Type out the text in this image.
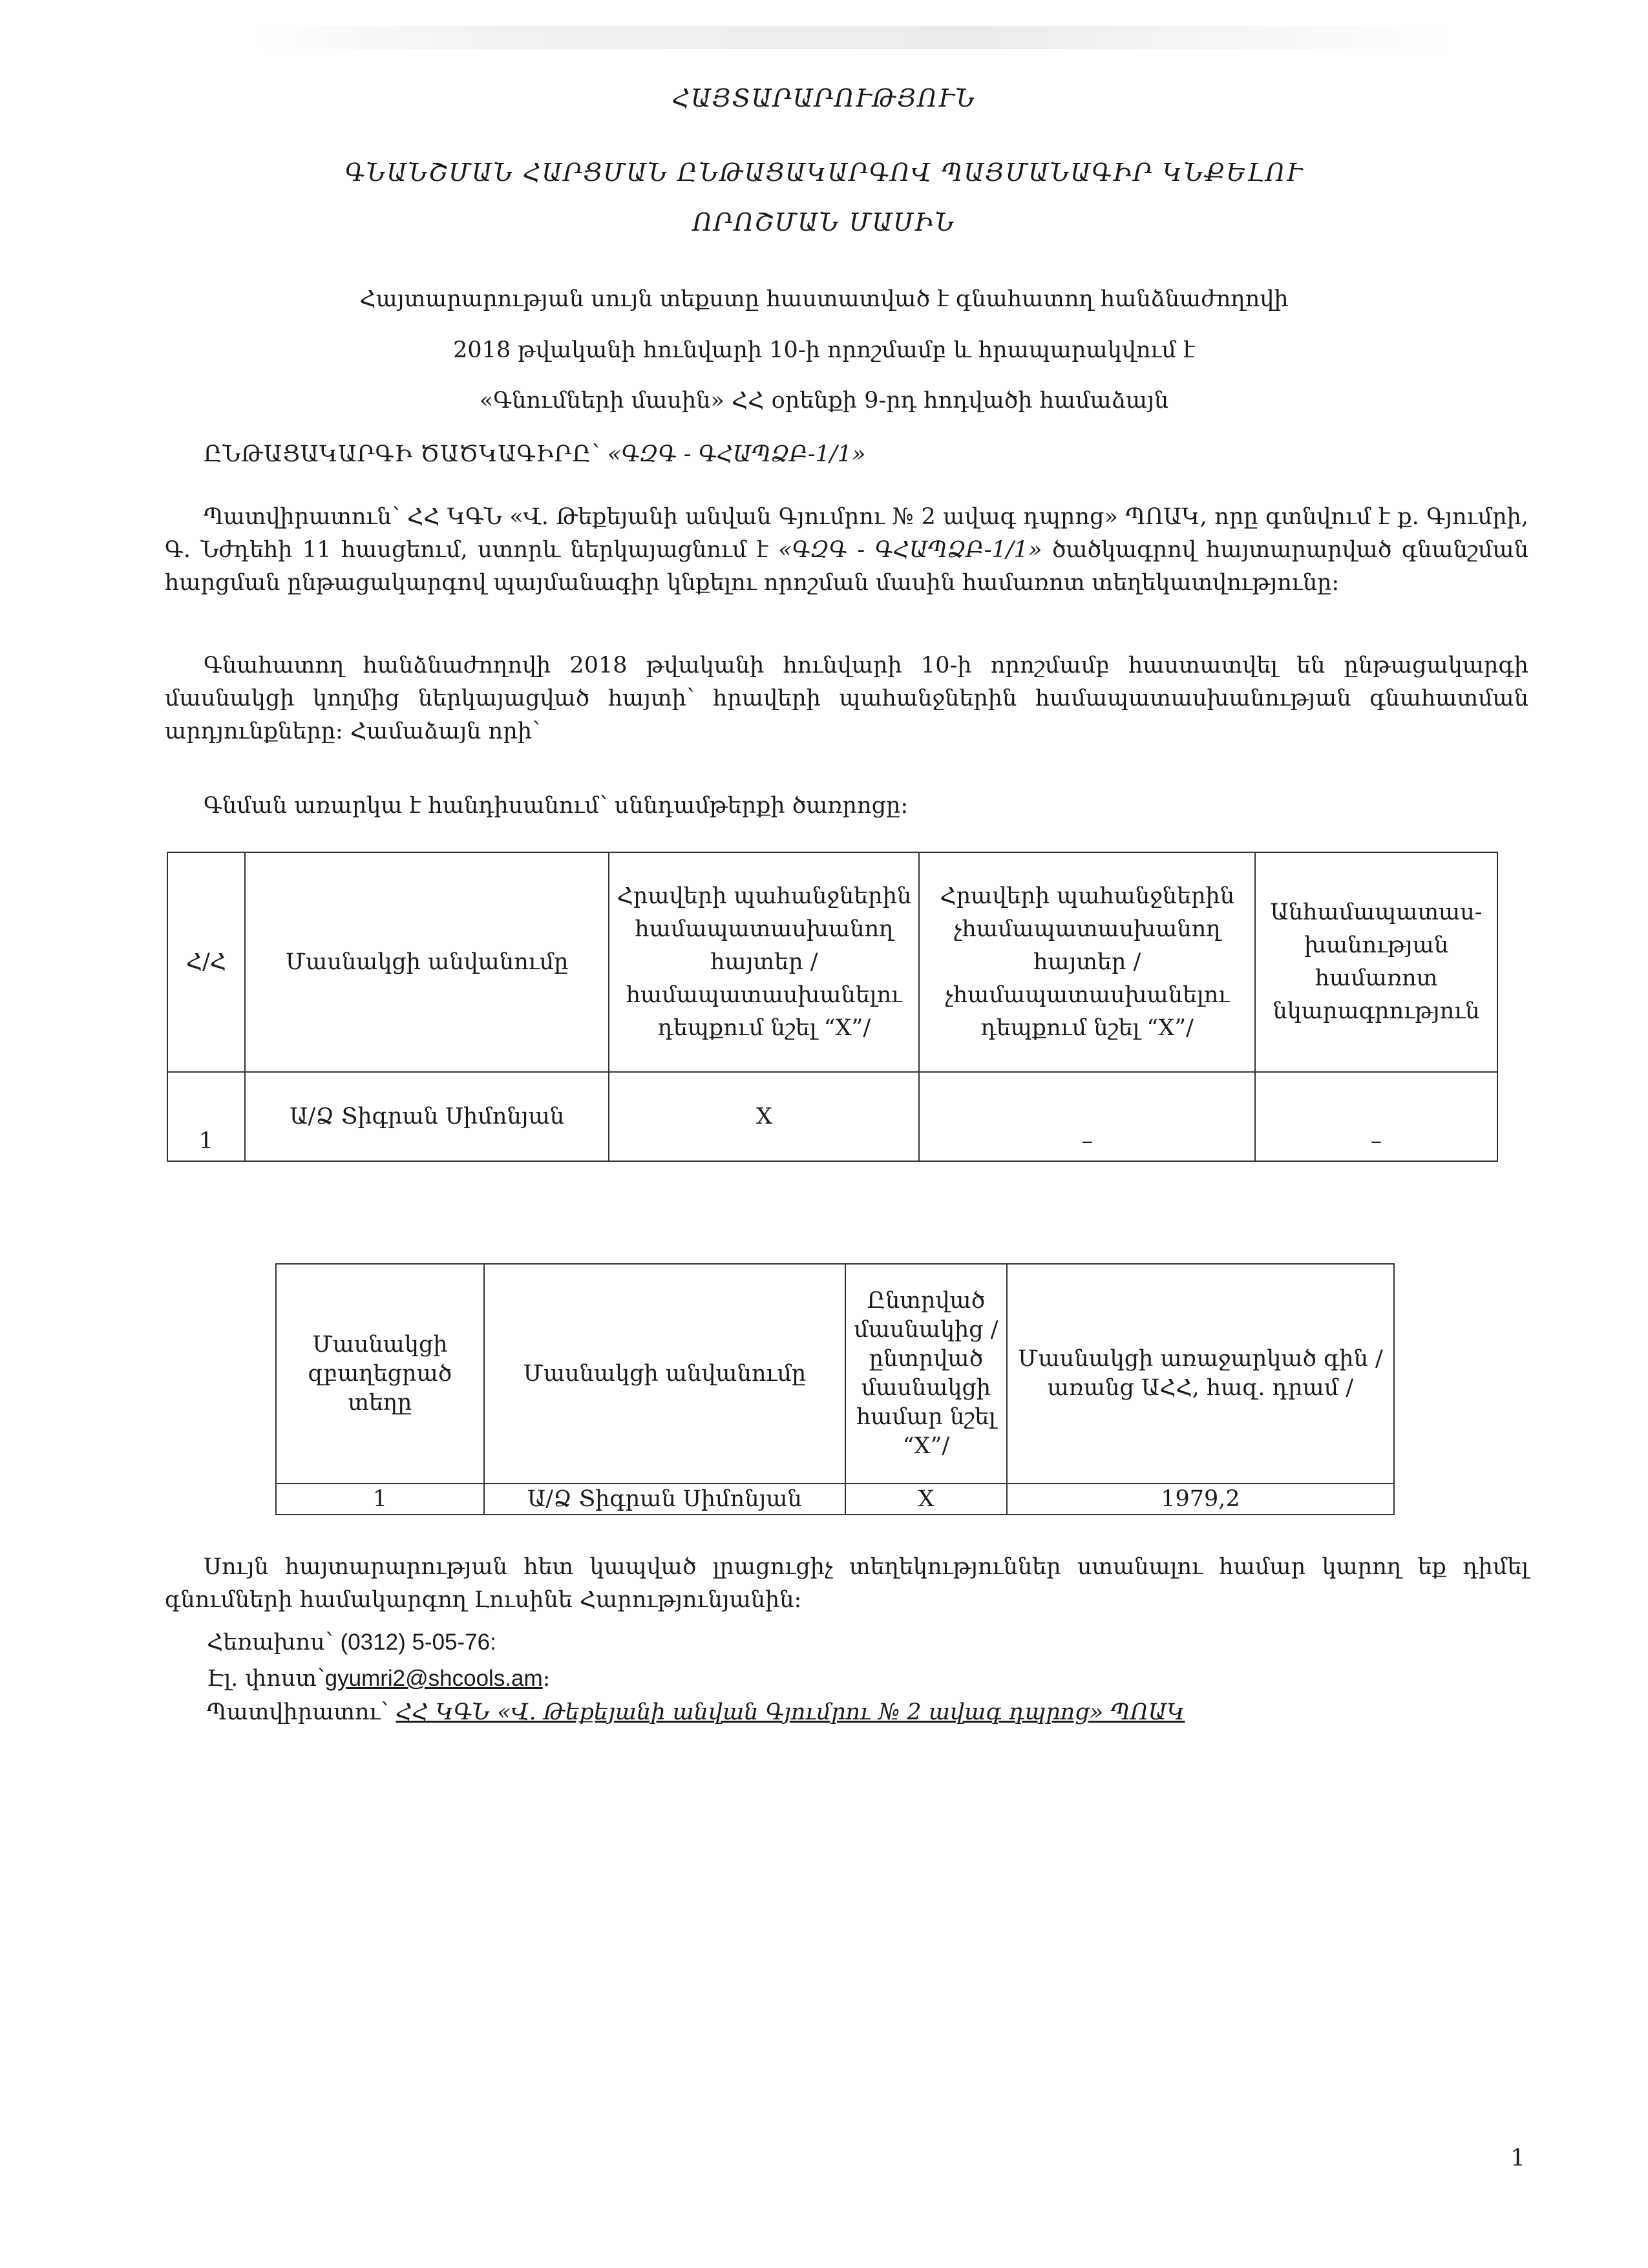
ՀԱՅՏԱՐԱՐՈՒԹՅՈՒՆ
ԳՆԱՆՇՄԱՆ ՀԱՐՑՄԱՆ ԸՆԹԱՑԱԿԱՐԳՈՎ ՊԱՅՄԱՆԱԳԻՐ ԿՆՔԵԼՈՒ
ՈՐՈՇՄԱՆ ՄԱՍԻՆ
Հայտարարության սույն տեքստը հաստատված է գնահատող հանձնաժողովի
2018 թվականի հունվարի 10-ի որոշմամբ և հրապարակվում է
«Գնումների մասին» ՀՀ օրենքի 9-րդ հոդվածի համաձայն
ԸՆԹԱՑԱԿԱՐԳԻ ԾԱԾԿԱԳԻՐԸ՝ «ԳԶԳ - ԳՀԱՊՁԲ-1/1»
Պատվիրատուն՝ ՀՀ ԿԳՆ «Վ. Թեքեյանի անվան Գյումրու № 2 ավագ դպրոց» ՊՈԱԿ, որը գտնվում է ք. Գյումրի, Գ. Նժդեհի 11 հասցեում, ստորև ներկայացնում է «ԳԶԳ - ԳՀԱՊՁԲ-1/1» ծածկագրով հայտարարված գնանշման հարցման ընթացակարգով պայմանագիր կնքելու որոշման մասին համառոտ տեղեկատվությունը:
Գնահատող հանձնաժողովի 2018 թվականի հունվարի 10-ի որոշմամբ հաստատվել են ընթացակարգի մասնակցի կողմից ներկայացված հայտի՝ հրավերի պահանջներին համապատասխանության գնահատման արդյունքները: Համաձայն որի՝
Գնման առարկա է հանդիսանում՝ սննդամթերքի ծառրոցը:
Հ/Հ	Մասնակցի անվանումը	Հրավերի պահանջներին համապատասխանող հայտեր /համապատասխանելու դեպքում նշել “X”/	Հրավերի պահանջներին չհամապատասխանող հայտեր /չհամապատասխանելու դեպքում նշել “X”/	Անհամապատաս-խանության համառոտ նկարագրություն
1	Ա/Ձ Տիգրան Սիմոնյան	X	–	–
Մասնակցի զբաղեցրած տեղը	Մասնակցի անվանումը	Ընտրված մասնակից /ընտրված մասնակցի համար նշել “X”/	Մասնակցի առաջարկած գին /առանց ԱՀՀ, հազ. դրամ /
1	Ա/Ձ Տիգրան Սիմոնյան	X	1979,2
Սույն հայտարարության հետ կապված լրացուցիչ տեղեկություններ ստանալու համար կարող եք դիմել գնումների համակարգող Լուսինե Հարությունյանին:
Հեռախոս՝ (0312) 5-05-76:
Էլ. փոստ՝gyumri2@shcools.am:
Պատվիրատու՝ ՀՀ ԿԳՆ «Վ. Թեքեյանի անվան Գյումրու № 2 ավագ դպրոց» ՊՈԱԿ
1
